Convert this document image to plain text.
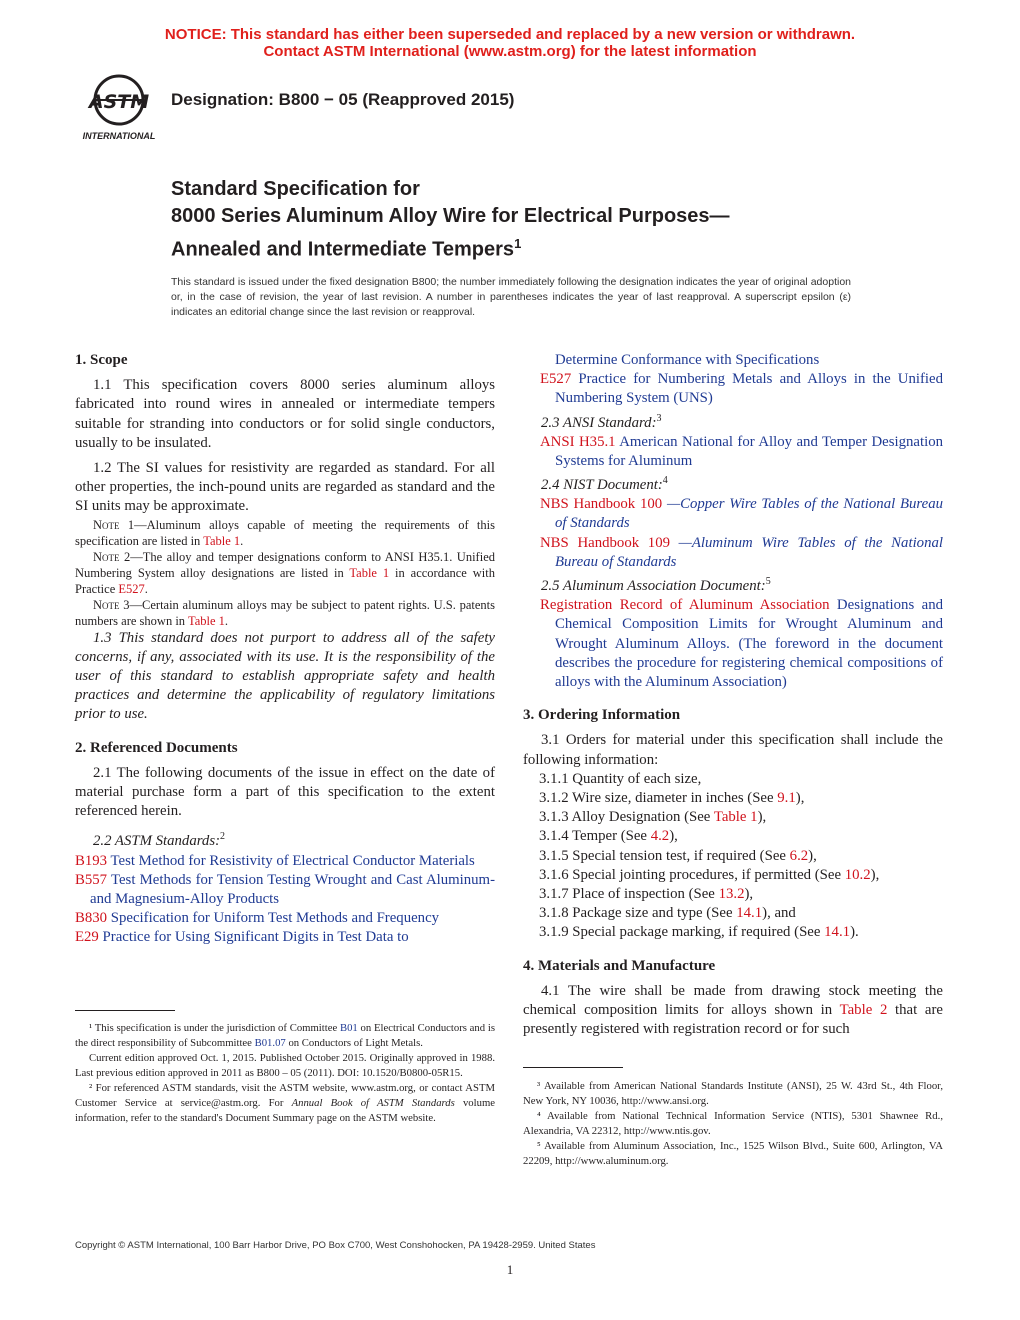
NOTICE: This standard has either been superseded and replaced by a new version or withdrawn.
Contact ASTM International (www.astm.org) for the latest information
ASTM
INTERNATIONAL
Designation: B800 − 05 (Reapproved 2015)
Standard Specification for
8000 Series Aluminum Alloy Wire for Electrical Purposes—
Annealed and Intermediate Tempers$^1$
This standard is issued under the fixed designation B800; the number immediately following the designation indicates the year of original adoption or, in the case of revision, the year of last revision. A number in parentheses indicates the year of last reapproval. A superscript epsilon (ε) indicates an editorial change since the last revision or reapproval.
1. Scope

1.1 This specification covers 8000 series aluminum alloys fabricated into round wires in annealed or intermediate tempers suitable for stranding into conductors or for solid single conductors, usually to be insulated.

1.2 The SI values for resistivity are regarded as standard. For all other properties, the inch-pound units are regarded as standard and the SI units may be approximate.

Note 1—Aluminum alloys capable of meeting the requirements of this specification are listed in Table 1.

Note 2—The alloy and temper designations conform to ANSI H35.1. Unified Numbering System alloy designations are listed in Table 1 in accordance with Practice E527.

Note 3—Certain aluminum alloys may be subject to patent rights. U.S. patents numbers are shown in Table 1.

1.3 This standard does not purport to address all of the safety concerns, if any, associated with its use. It is the responsibility of the user of this standard to establish appropriate safety and health practices and determine the applicability of regulatory limitations prior to use.

2. Referenced Documents

2.1 The following documents of the issue in effect on the date of material purchase form a part of this specification to the extent referenced herein.

2.2 ASTM Standards:$^2$

B193 Test Method for Resistivity of Electrical Conductor Materials

B557 Test Methods for Tension Testing Wrought and Cast Aluminum- and Magnesium-Alloy Products

B830 Specification for Uniform Test Methods and Frequency

E29 Practice for Using Significant Digits in Test Data to

Determine Conformance with Specifications

E527 Practice for Numbering Metals and Alloys in the Unified Numbering System (UNS)

2.3 ANSI Standard:$^3$

ANSI H35.1 American National for Alloy and Temper Designation Systems for Aluminum

2.4 NIST Document:$^4$

NBS Handbook 100 —Copper Wire Tables of the National Bureau of Standards

NBS Handbook 109 —Aluminum Wire Tables of the National Bureau of Standards

2.5 Aluminum Association Document:$^5$

Registration Record of Aluminum Association Designations and Chemical Composition Limits for Wrought Aluminum and Wrought Aluminum Alloys. (The foreword in the document describes the procedure for registering chemical compositions of alloys with the Aluminum Association)

3. Ordering Information

3.1 Orders for material under this specification shall include the following information:

3.1.1 Quantity of each size,

3.1.2 Wire size, diameter in inches (See 9.1),

3.1.3 Alloy Designation (See Table 1),

3.1.4 Temper (See 4.2),

3.1.5 Special tension test, if required (See 6.2),

3.1.6 Special jointing procedures, if permitted (See 10.2),

3.1.7 Place of inspection (See 13.2),

3.1.8 Package size and type (See 14.1), and

3.1.9 Special package marking, if required (See 14.1).

4. Materials and Manufacture

4.1 The wire shall be made from drawing stock meeting the chemical composition limits for alloys shown in Table 2 that are presently registered with registration record or for such

¹ This specification is under the jurisdiction of Committee B01 on Electrical Conductors and is the direct responsibility of Subcommittee B01.07 on Conductors of Light Metals.

Current edition approved Oct. 1, 2015. Published October 2015. Originally approved in 1988. Last previous edition approved in 2011 as B800 – 05 (2011). DOI: 10.1520/B0800-05R15.

² For referenced ASTM standards, visit the ASTM website, www.astm.org, or contact ASTM Customer Service at service@astm.org. For Annual Book of ASTM Standards volume information, refer to the standard's Document Summary page on the ASTM website.

³ Available from American National Standards Institute (ANSI), 25 W. 43rd St., 4th Floor, New York, NY 10036, http://www.ansi.org.

⁴ Available from National Technical Information Service (NTIS), 5301 Shawnee Rd., Alexandria, VA 22312, http://www.ntis.gov.

⁵ Available from Aluminum Association, Inc., 1525 Wilson Blvd., Suite 600, Arlington, VA 22209, http://www.aluminum.org.

Copyright © ASTM International, 100 Barr Harbor Drive, PO Box C700, West Conshohocken, PA 19428-2959. United States
1
